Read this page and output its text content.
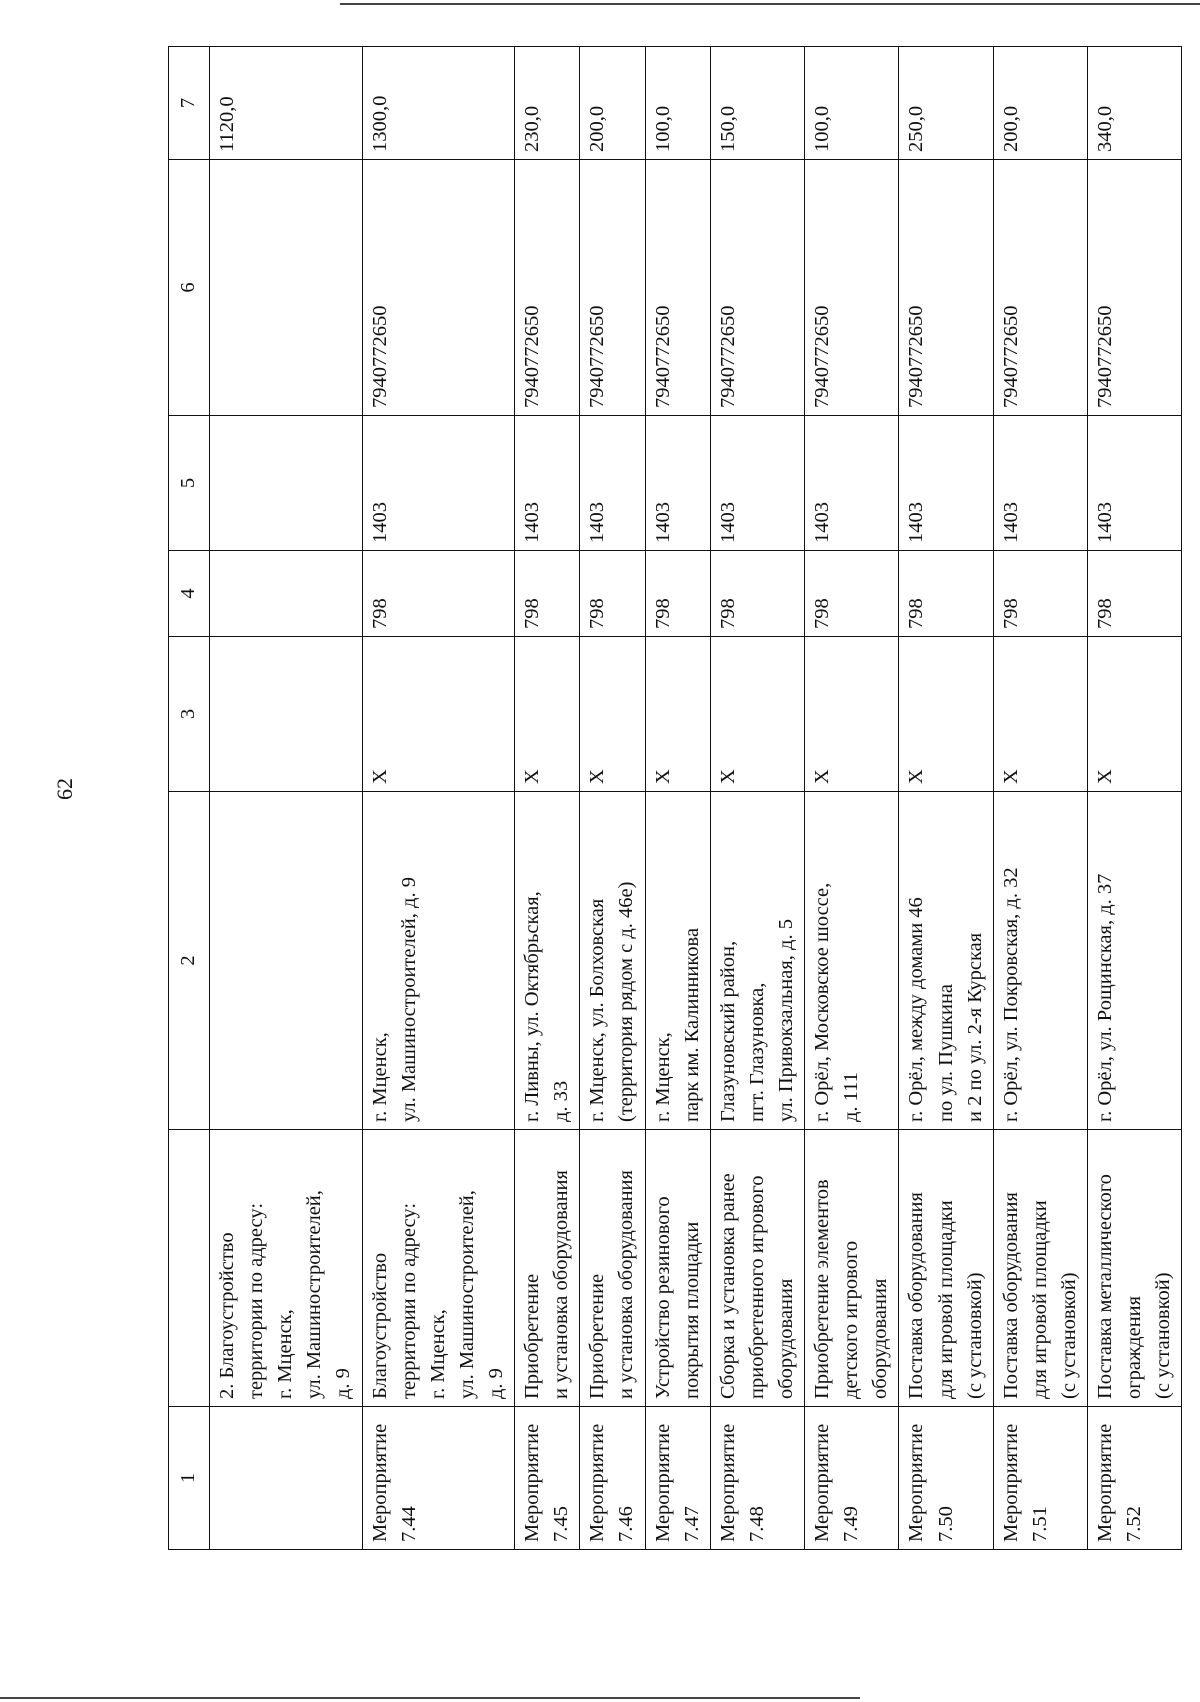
62
1		2	3	4	5	6	7
	2. Благоустройство
территории по адресу:
г. Мценск,
ул. Машиностроителей,
д. 9						1120,0
Мероприятие
7.44	Благоустройство
территории по адресу:
г. Мценск,
ул. Машиностроителей,
д. 9	г. Мценск,
ул. Машиностроителей, д. 9	Х	798	1403	7940772650	1300,0
Мероприятие
7.45	Приобретение
и установка оборудования	г. Ливны, ул. Октябрьская,
д. 33	Х	798	1403	7940772650	230,0
Мероприятие
7.46	Приобретение
и установка оборудования	г. Мценск, ул. Болховская
(территория рядом с д. 46е)	Х	798	1403	7940772650	200,0
Мероприятие
7.47	Устройство резинового
покрытия площадки	г. Мценск,
парк им. Калинникова	Х	798	1403	7940772650	100,0
Мероприятие
7.48	Сборка и установка ранее
приобретенного игрового
оборудования	Глазуновский район,
пгт. Глазуновка,
ул. Привокзальная, д. 5	Х	798	1403	7940772650	150,0
Мероприятие
7.49	Приобретение элементов
детского игрового
оборудования	г. Орёл, Московское шоссе,
д. 111	Х	798	1403	7940772650	100,0
Мероприятие
7.50	Поставка оборудования
для игровой площадки
(с установкой)	г. Орёл, между домами 46
по ул. Пушкина
и 2 по ул. 2-я Курская	Х	798	1403	7940772650	250,0
Мероприятие
7.51	Поставка оборудования
для игровой площадки
(с установкой)	г. Орёл, ул. Покровская, д. 32	Х	798	1403	7940772650	200,0
Мероприятие
7.52	Поставка металлического
ограждения
(с установкой)	г. Орёл, ул. Рощинская, д. 37	Х	798	1403	7940772650	340,0
